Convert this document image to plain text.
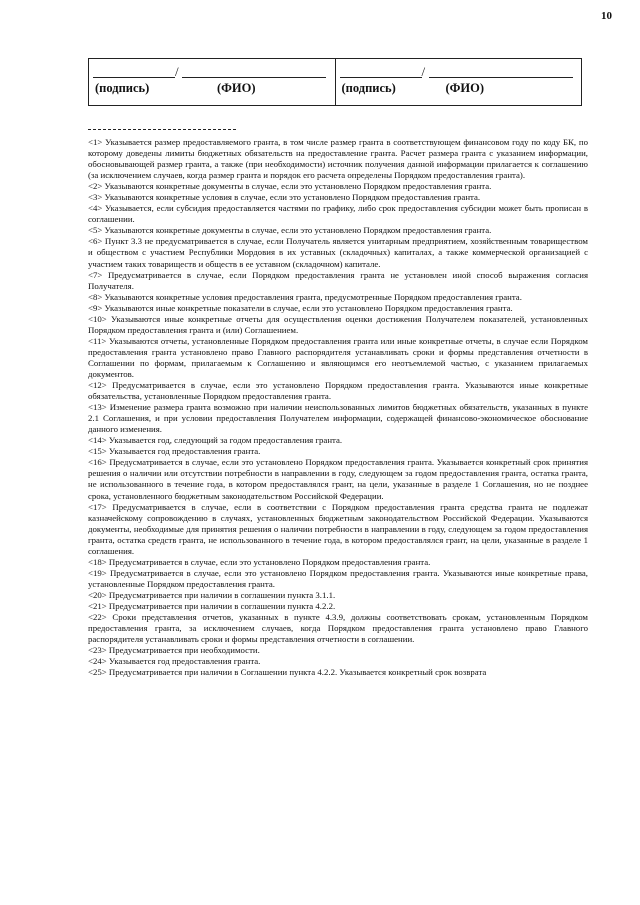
10
/
(подпись)	(ФИО)
/
(подпись)	(ФИО)

<1> Указывается размер предоставляемого гранта, в том числе размер гранта в соответствующем финансовом году по коду БК, по которому доведены лимиты бюджетных обязательств на предоставление гранта. Расчет размера гранта с указанием информации, обосновывающей размер гранта, а также (при необходимости) источник получения данной информации прилагается к соглашению (за исключением случаев, когда размер гранта и порядок его расчета определены Порядком предоставления гранта).

<2> Указываются конкретные документы в случае, если это установлено Порядком предоставления гранта.

<3> Указываются конкретные условия в случае, если это установлено Порядком предоставления гранта.

<4> Указывается, если субсидия предоставляется частями по графику, либо срок предоставления субсидии может быть прописан в соглашении.

<5> Указываются конкретные документы в случае, если это установлено Порядком предоставления гранта.

<6> Пункт 3.3 не предусматривается в случае, если Получатель является унитарным предприятием, хозяйственным товариществом и обществом с участием Республики Мордовия в их уставных (складочных) капиталах, а также коммерческой организацией с участием таких товариществ и обществ в ее уставном (складочном) капитале.

<7> Предусматривается в случае, если Порядком предоставления гранта не установлен иной способ выражения согласия Получателя.

<8> Указываются конкретные условия предоставления гранта, предусмотренные Порядком предоставления гранта.

<9> Указываются иные конкретные показатели в случае, если это установлено Порядком предоставления гранта.

<10> Указываются иные конкретные отчеты для осуществления оценки достижения Получателем показателей, установленных Порядком предоставления гранта и (или) Соглашением.

<11> Указываются отчеты, установленные Порядком предоставления гранта или иные конкретные отчеты, в случае если Порядком предоставления гранта установлено право Главного распорядителя устанавливать сроки и формы представления отчетности в Соглашении по формам, прилагаемым к Соглашению и являющимся его неотъемлемой частью, с указанием прилагаемых документов.

<12> Предусматривается в случае, если это установлено Порядком предоставления гранта. Указываются иные конкретные обязательства, установленные Порядком предоставления гранта.

<13> Изменение размера гранта возможно при наличии неиспользованных лимитов бюджетных обязательств, указанных в пункте 2.1 Соглашения, и при условии предоставления Получателем информации, содержащей финансово-экономическое обоснование данного изменения.

<14> Указывается год, следующий за годом предоставления гранта.

<15> Указывается год предоставления гранта.

<16> Предусматривается в случае, если это установлено Порядком предоставления гранта. Указывается конкретный срок принятия решения о наличии или отсутствии потребности в направлении в году, следующем за годом предоставления гранта, остатка гранта, не использованного в течение года, в котором предоставлялся грант, на цели, указанные в разделе 1 Соглашения, но не позднее срока, установленного бюджетным законодательством Российской Федерации.

<17> Предусматривается в случае, если в соответствии с Порядком предоставления гранта средства гранта не подлежат казначейскому сопровождению в случаях, установленных бюджетным законодательством Российской Федерации. Указываются документы, необходимые для принятия решения о наличии потребности в направлении в году, следующем за годом предоставления гранта, остатка средств гранта, не использованного в течение года, в котором предоставлялся грант, на цели, указанные в разделе 1 соглашения.

<18> Предусматривается в случае, если это установлено Порядком предоставления гранта.

<19> Предусматривается в случае, если это установлено Порядком предоставления гранта. Указываются иные конкретные права, установленные Порядком предоставления гранта.

<20> Предусматривается при наличии в соглашении пункта 3.1.1.

<21> Предусматривается при наличии в соглашении пункта 4.2.2.

<22> Сроки представления отчетов, указанных в пункте 4.3.9, должны соответствовать срокам, установленным Порядком предоставления гранта, за исключением случаев, когда Порядком предоставления гранта установлено право Главного распорядителя устанавливать сроки и формы представления отчетности в соглашении.

<23> Предусматривается при необходимости.

<24> Указывается год предоставления гранта.

<25> Предусматривается при наличии в Соглашении пункта 4.2.2. Указывается конкретный срок возврата
